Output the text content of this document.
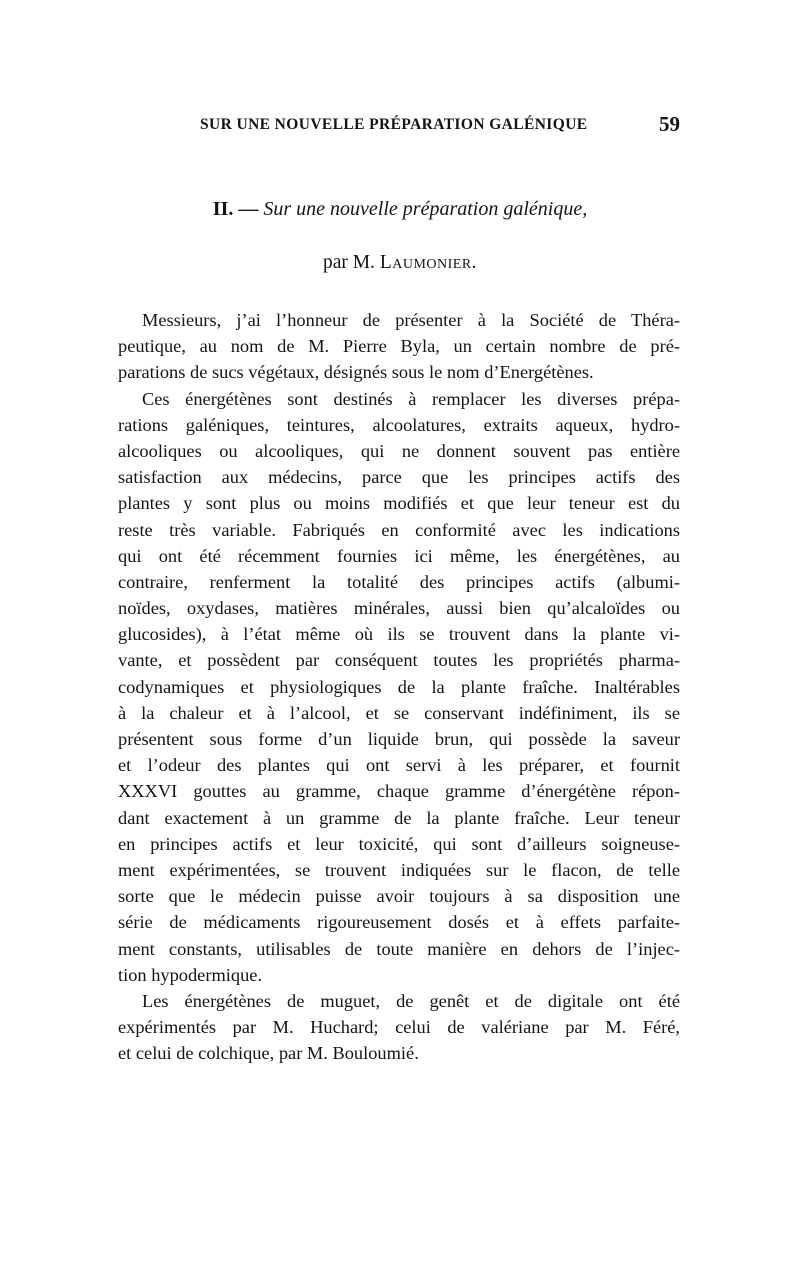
SUR UNE NOUVELLE PRÉPARATION GALÉNIQUE	59
II. — Sur une nouvelle préparation galénique,
par M. Laumonier.
Messieurs, j’ai l’honneur de présenter à la Société de Théra-
peutique, au nom de M. Pierre Byla, un certain nombre de pré-
parations de sucs végétaux, désignés sous le nom d’Energétènes.
Ces énergétènes sont destinés à remplacer les diverses prépa-
rations galéniques, teintures, alcoolatures, extraits aqueux, hydro-
alcooliques ou alcooliques, qui ne donnent souvent pas entière
satisfaction aux médecins, parce que les principes actifs des
plantes y sont plus ou moins modifiés et que leur teneur est du
reste très variable. Fabriqués en conformité avec les indications
qui ont été récemment fournies ici même, les énergétènes, au
contraire, renferment la totalité des principes actifs (albumi-
noïdes, oxydases, matières minérales, aussi bien qu’alcaloïdes ou
glucosides), à l’état même où ils se trouvent dans la plante vi-
vante, et possèdent par conséquent toutes les propriétés pharma-
codynamiques et physiologiques de la plante fraîche. Inaltérables
à la chaleur et à l’alcool, et se conservant indéfiniment, ils se
présentent sous forme d’un liquide brun, qui possède la saveur
et l’odeur des plantes qui ont servi à les préparer, et fournit
XXXVI gouttes au gramme, chaque gramme d’énergétène répon-
dant exactement à un gramme de la plante fraîche. Leur teneur
en principes actifs et leur toxicité, qui sont d’ailleurs soigneuse-
ment expérimentées, se trouvent indiquées sur le flacon, de telle
sorte que le médecin puisse avoir toujours à sa disposition une
série de médicaments rigoureusement dosés et à effets parfaite-
ment constants, utilisables de toute manière en dehors de l’injec-
tion hypodermique.
Les énergétènes de muguet, de genêt et de digitale ont été
expérimentés par M. Huchard; celui de valériane par M. Féré,
et celui de colchique, par M. Bouloumié.
